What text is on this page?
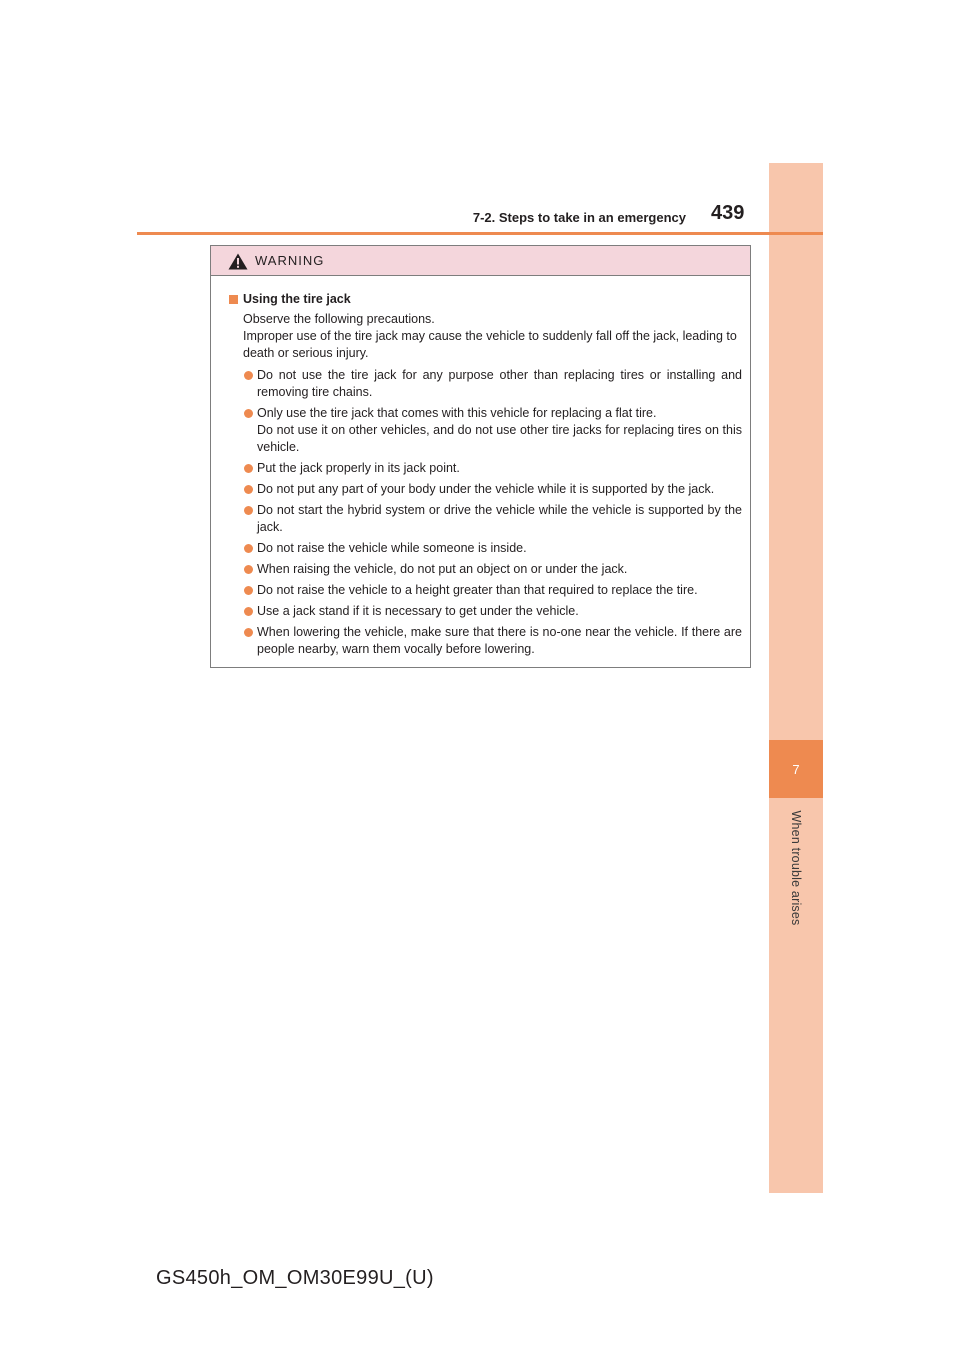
7
When trouble arises
7-2. Steps to take in an emergency 439
WARNING
Using the tire jack

Observe the following precautions.

Improper use of the tire jack may cause the vehicle to suddenly fall off the jack, leading to death or serious injury.

Do not use the tire jack for any purpose other than replacing tires or installing and removing tire chains.
Only use the tire jack that comes with this vehicle for replacing a flat tire.
Do not use it on other vehicles, and do not use other tire jacks for replacing tires on this vehicle.
Put the jack properly in its jack point.
Do not put any part of your body under the vehicle while it is supported by the jack.
Do not start the hybrid system or drive the vehicle while the vehicle is supported by the jack.
Do not raise the vehicle while someone is inside.
When raising the vehicle, do not put an object on or under the jack.
Do not raise the vehicle to a height greater than that required to replace the tire.
Use a jack stand if it is necessary to get under the vehicle.
When lowering the vehicle, make sure that there is no-one near the vehicle. If there are people nearby, warn them vocally before lowering.
GS450h_OM_OM30E99U_(U)
